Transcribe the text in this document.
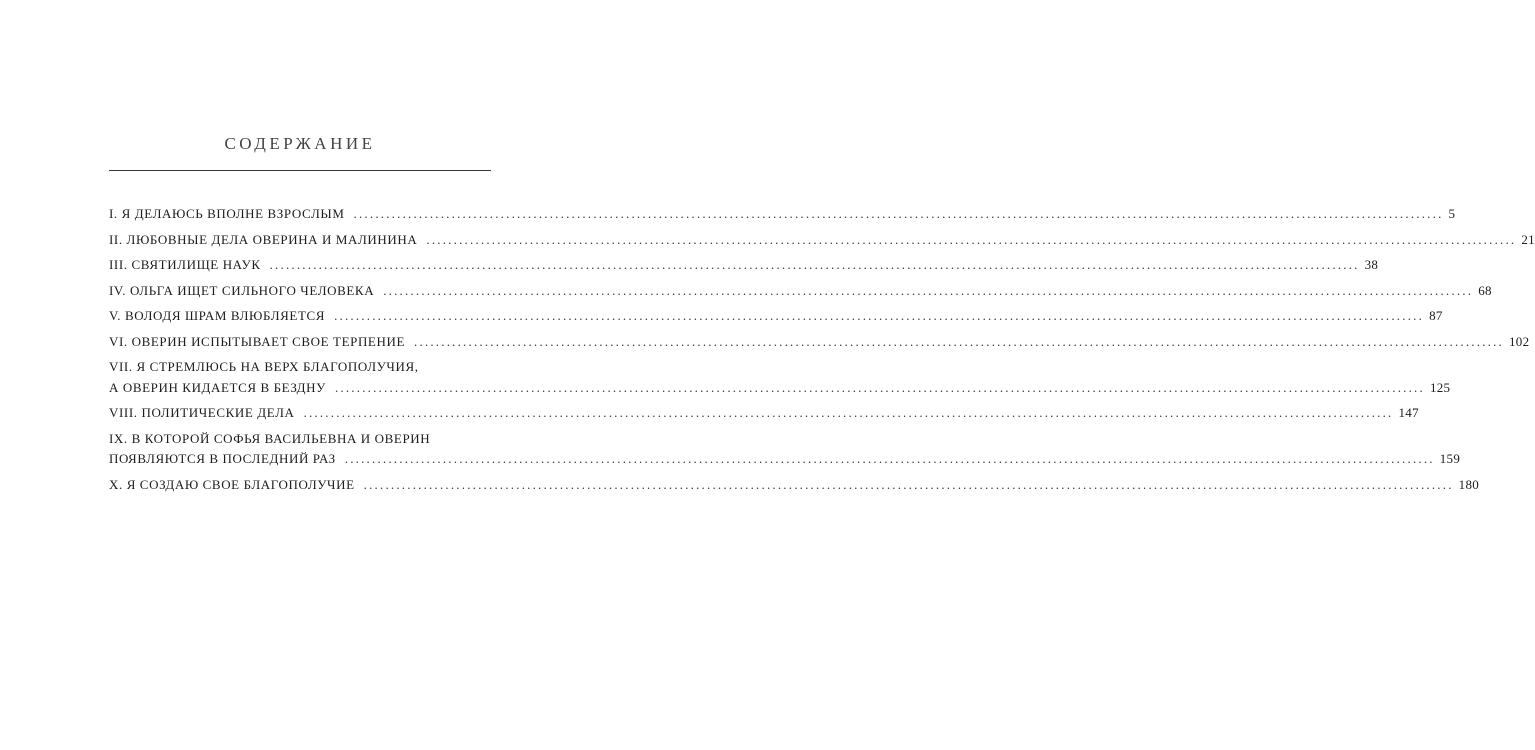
СОДЕРЖАНИЕ
I. Я ДЕЛАЮСЬ ВПОЛНЕ ВЗРОСЛЫМ ........................................................................................................................................................................................................ 5
II. ЛЮБОВНЫЕ ДЕЛА ОВЕРИНА И МАЛИНИНА ........................................................................................................................................................................................................ 21
III. СВЯТИЛИЩЕ НАУК ........................................................................................................................................................................................................ 38
IV. ОЛЬГА ИЩЕТ СИЛЬНОГО ЧЕЛОВЕКА ........................................................................................................................................................................................................ 68
V. ВОЛОДЯ ШРАМ ВЛЮБЛЯЕТСЯ ........................................................................................................................................................................................................ 87
VI. ОВЕРИН ИСПЫТЫВАЕТ СВОЕ ТЕРПЕНИЕ ........................................................................................................................................................................................................ 102
VII. Я СТРЕМЛЮСЬ НА ВЕРХ БЛАГОПОЛУЧИЯ,
А ОВЕРИН КИДАЕТСЯ В БЕЗДНУ ........................................................................................................................................................................................................ 125
VIII. ПОЛИТИЧЕСКИЕ ДЕЛА ........................................................................................................................................................................................................ 147
IX. В КОТОРОЙ СОФЬЯ ВАСИЛЬЕВНА И ОВЕРИН
ПОЯВЛЯЮТСЯ В ПОСЛЕДНИЙ РАЗ ........................................................................................................................................................................................................ 159
X. Я СОЗДАЮ СВОЕ БЛАГОПОЛУЧИЕ ........................................................................................................................................................................................................ 180
